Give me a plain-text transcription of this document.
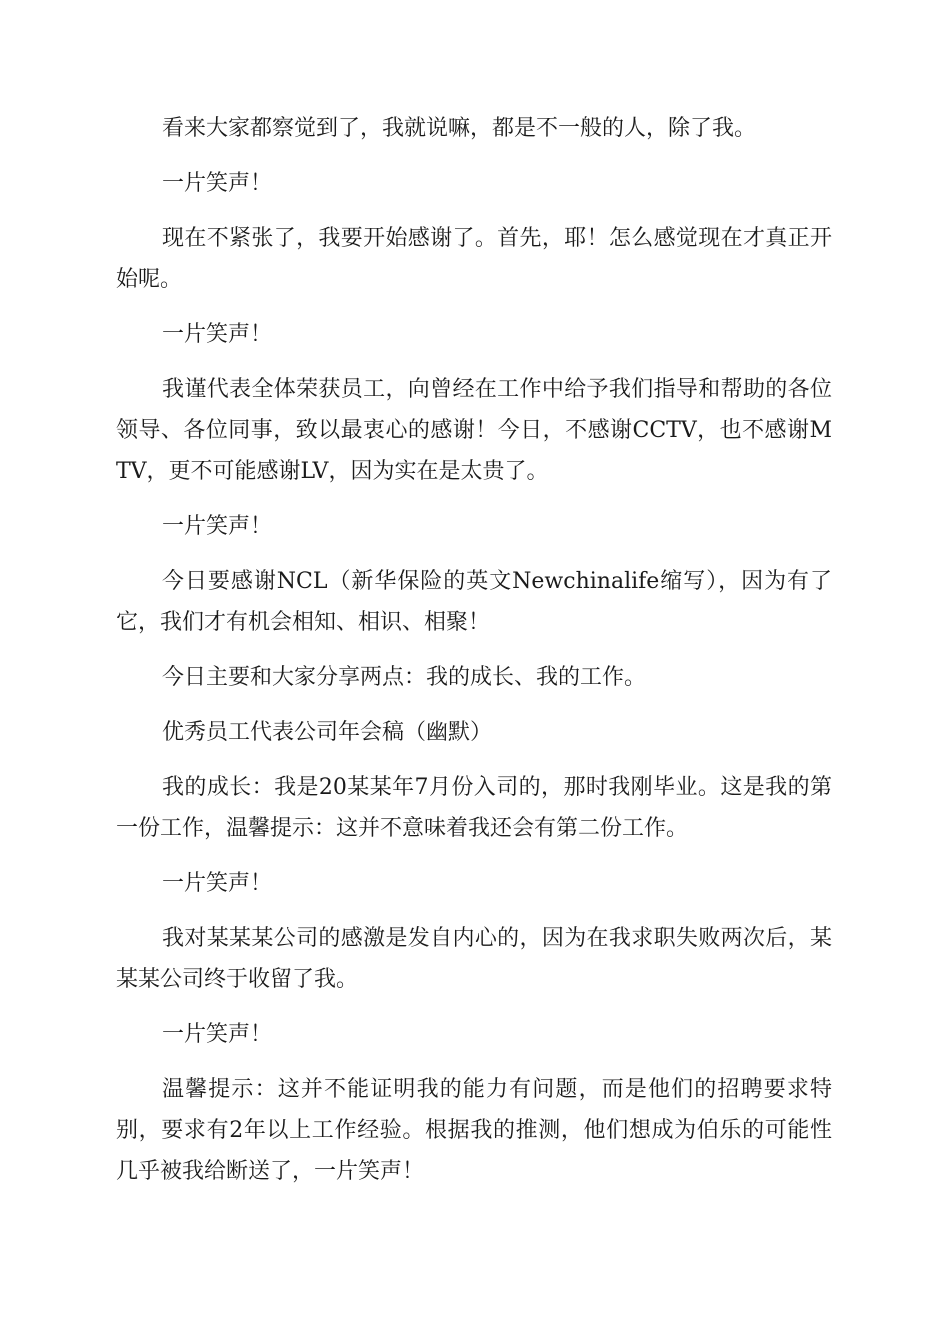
看来大家都察觉到了，我就说嘛，都是不一般的人，除了我。

一片笑声！

现在不紧张了，我要开始感谢了。首先，耶！怎么感觉现在才真正开始呢。

一片笑声！

我谨代表全体荣获员工，向曾经在工作中给予我们指导和帮助的各位领导、各位同事，致以最衷心的感谢！今日，不感谢CCTV，也不感谢MTV，更不可能感谢LV，因为实在是太贵了。

一片笑声！

今日要感谢NCL（新华保险的英文Newchinalife缩写），因为有了它，我们才有机会相知、相识、相聚！

今日主要和大家分享两点：我的成长、我的工作。

优秀员工代表公司年会稿（幽默）

我的成长：我是20某某年7月份入司的，那时我刚毕业。这是我的第一份工作，温馨提示：这并不意味着我还会有第二份工作。

一片笑声！

我对某某某公司的感激是发自内心的，因为在我求职失败两次后，某某某公司终于收留了我。

一片笑声！

温馨提示：这并不能证明我的能力有问题，而是他们的招聘要求特别，要求有2年以上工作经验。根据我的推测，他们想成为伯乐的可能性几乎被我给断送了，一片笑声！
